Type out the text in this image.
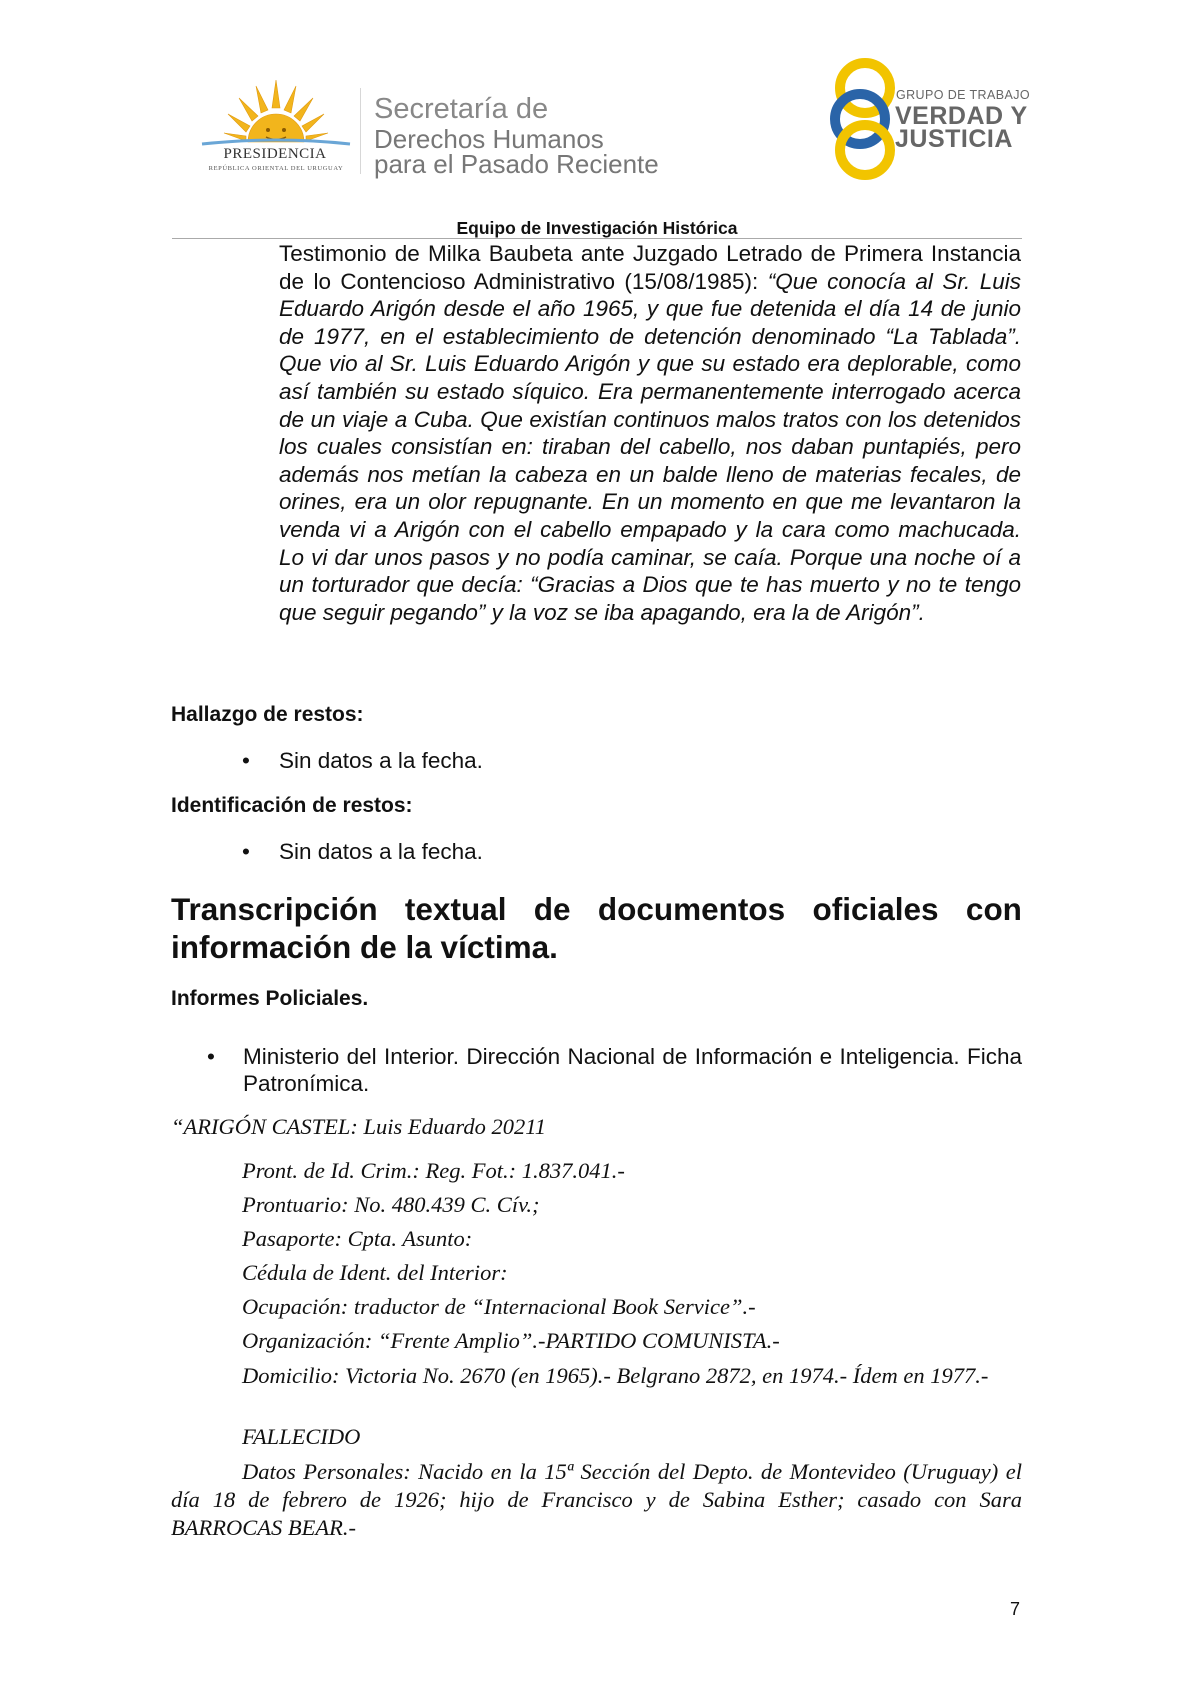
PRESIDENCIA
REPÚBLICA ORIENTAL DEL URUGUAY
Secretaría de
Derechos Humanos
para el Pasado Reciente
GRUPO DE TRABAJO
VERDAD Y
JUSTICIA
Equipo de Investigación Histórica

Testimonio de Milka Baubeta ante Juzgado Letrado de Primera Instancia de lo Contencioso Administrativo (15/08/1985): “Que conocía al Sr. Luis Eduardo Arigón desde el año 1965, y que fue detenida el día 14 de junio de 1977, en el establecimiento de detención denominado “La Tablada”. Que vio al Sr. Luis Eduardo Arigón y que su estado era deplorable, como así también su estado síquico. Era permanentemente interrogado acerca de un viaje a Cuba. Que existían continuos malos tratos con los detenidos los cuales consistían en: tiraban del cabello, nos daban puntapiés, pero además nos metían la cabeza en un balde lleno de materias fecales, de orines, era un olor repugnante. En un momento en que me levantaron la venda vi a Arigón con el cabello empapado y la cara como machucada. Lo vi dar unos pasos y no podía caminar, se caía. Porque una noche oí a un torturador que decía: “Gracias a Dios que te has muerto y no te tengo que seguir pegando” y la voz se iba apagando, era la de Arigón”.

Hallazgo de restos:
• Sin datos a la fecha.
Identificación de restos:
• Sin datos a la fecha.
Transcripción textual de documentos oficiales con
información de la víctima.
Informes Policiales.
• Ministerio del Interior. Dirección Nacional de Información e Inteligencia. Ficha Patronímica.
“ARIGÓN CASTEL: Luis Eduardo 20211
Pront. de Id. Crim.: Reg. Fot.: 1.837.041.-
Prontuario: No. 480.439 C. Cív.;
Pasaporte: Cpta. Asunto:
Cédula de Ident. del Interior:
Ocupación: traductor de “Internacional Book Service”.-
Organización: “Frente Amplio”.-PARTIDO COMUNISTA.-
Domicilio: Victoria No. 2670 (en 1965).- Belgrano 2872, en 1974.- Ídem en 1977.-
FALLECIDO
Datos Personales: Nacido en la 15ª Sección del Depto. de Montevideo (Uruguay) el día 18 de febrero de 1926; hijo de Francisco y de Sabina Esther; casado con Sara BARROCAS BEAR.-
7
